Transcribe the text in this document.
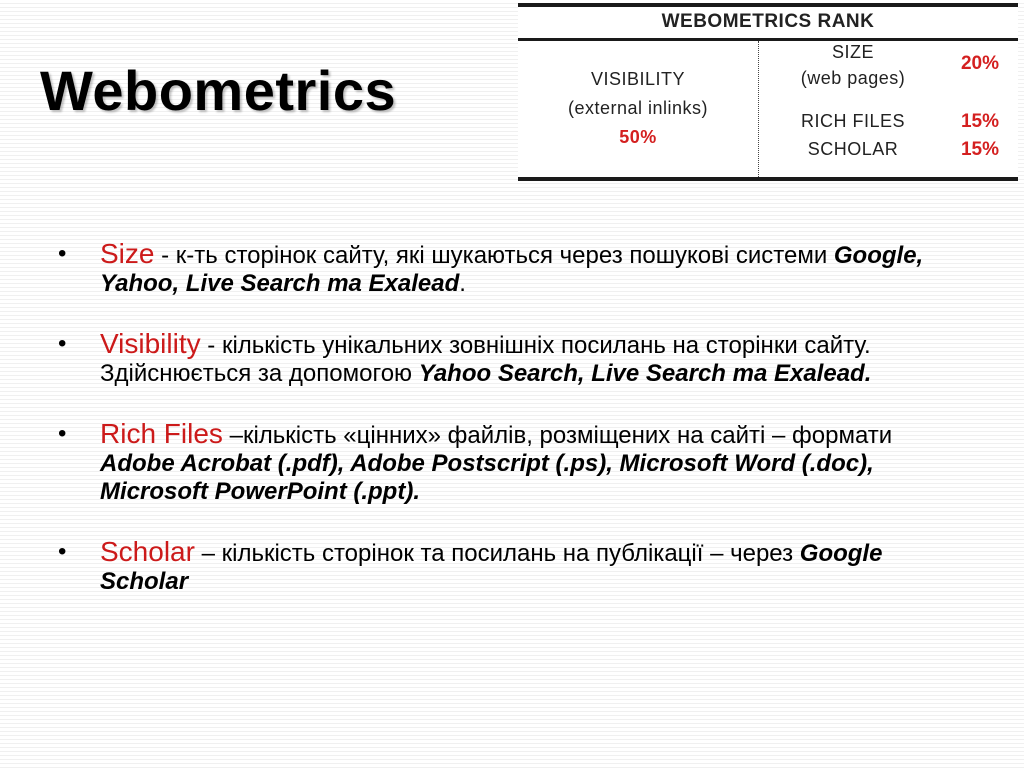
Webometrics
WEBOMETRICS RANK
VISIBILITY
(external inlinks)
50%
SIZE
(web pages)
20%
RICH FILES	15%
SCHOLAR	15%
• Size - к-ть сторінок сайту, які шукаються через пошукові системи Google, Yahoo, Live Search та Exalead.
• Visibility - кількість унікальних зовнішніх посилань на сторінки сайту. Здійснюється за допомогою Yahoo Search, Live Search та Exalead.
• Rich Files –кількість «цінних» файлів, розміщених на сайті – формати Adobe Acrobat (.pdf), Adobe Postscript (.ps), Microsoft Word (.doc), Microsoft PowerPoint (.ppt).
• Scholar – кількість сторінок та посилань на публікації – через Google Scholar
